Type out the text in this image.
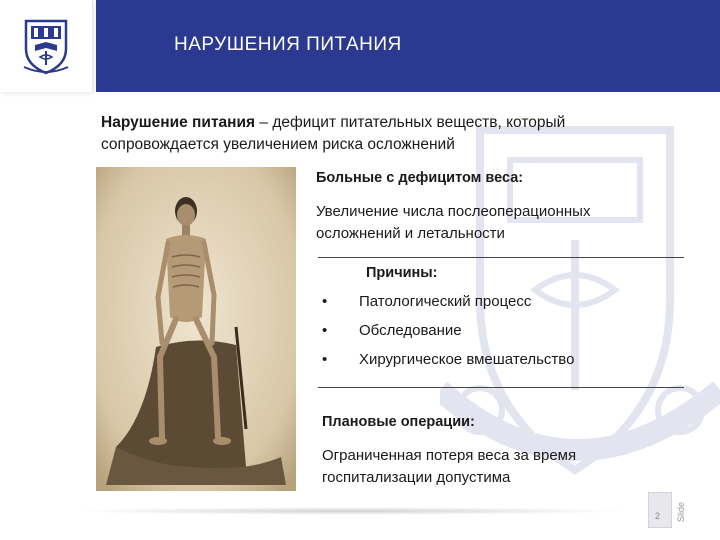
НАРУШЕНИЯ ПИТАНИЯ
Нарушение питания – дефицит питательных веществ, который сопровождается увеличением риска осложнений
Больные с дефицитом веса:
Увеличение числа послеоперационных осложнений и летальности
Причины:
•	Патологический процесс
•	Обследование
•	Хирургическое вмешательство
Плановые операции:
Ограниченная потеря веса за время госпитализации допустима
2 Slide
